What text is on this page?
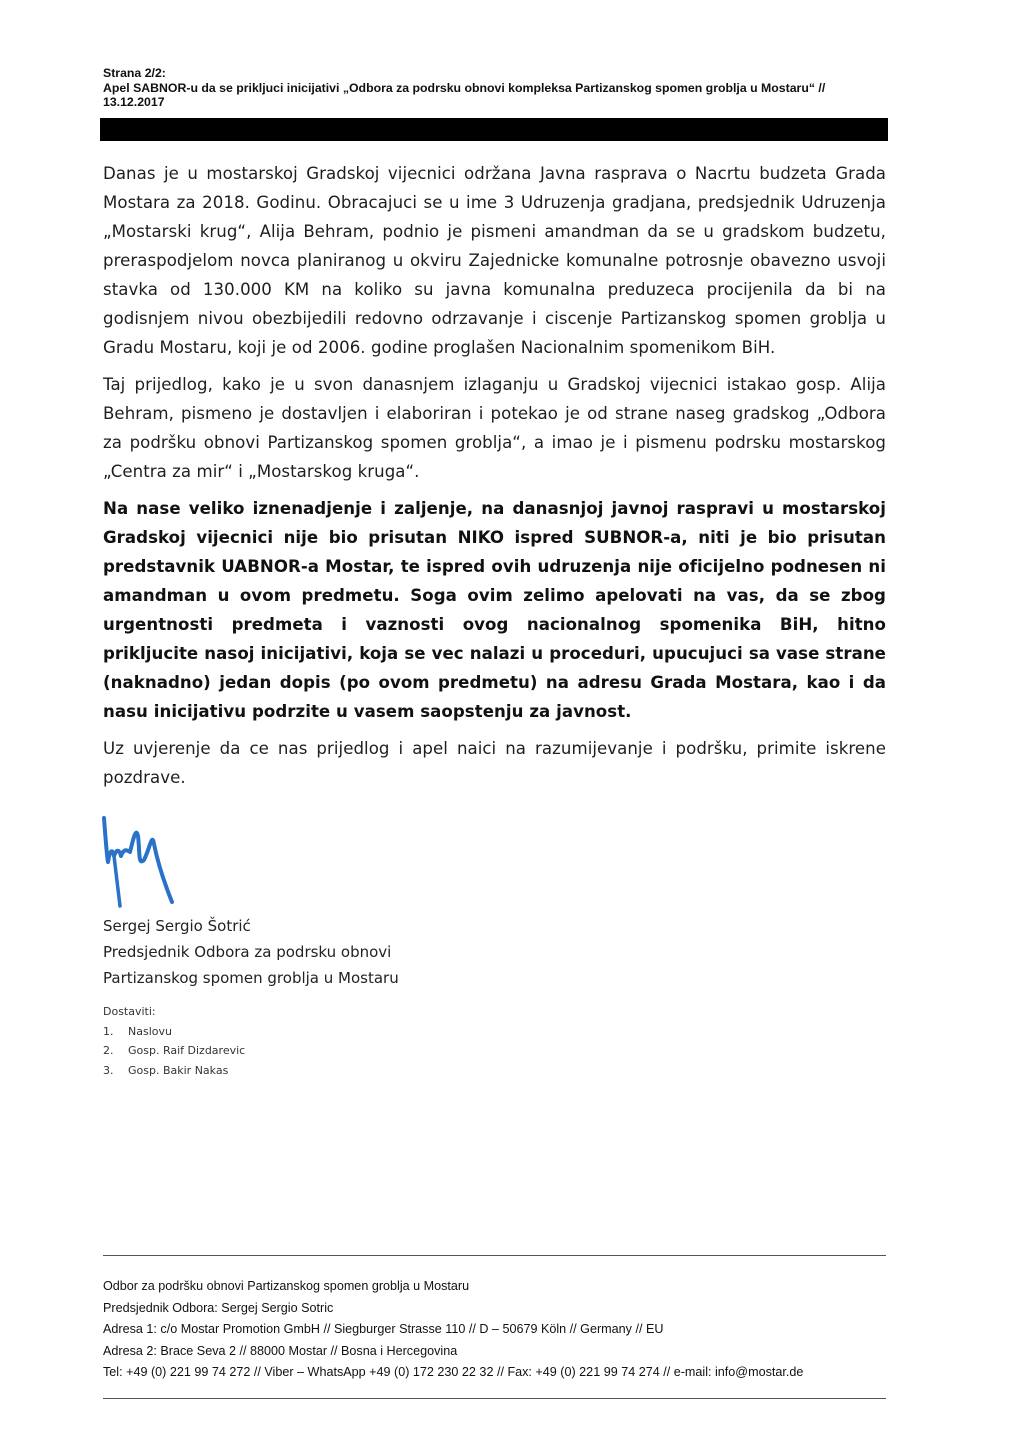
Strana 2/2:
Apel SABNOR-u da se prikljuci inicijativi „Odbora za podrsku obnovi kompleksa Partizanskog spomen groblja u Mostaru“ // 13.12.2017

Danas je u mostarskoj Gradskoj vijecnici održana Javna rasprava o Nacrtu budzeta Grada Mostara za 2018. Godinu. Obracajuci se u ime 3 Udruzenja gradjana, predsjednik Udruzenja „Mostarski krug“, Alija Behram, podnio je pismeni amandman da se u gradskom budzetu, preraspodjelom novca planiranog u okviru Zajednicke komunalne potrosnje obavezno usvoji stavka od 130.000 KM na koliko su javna komunalna preduzeca procijenila da bi na godisnjem nivou obezbijedili redovno odrzavanje i ciscenje Partizanskog spomen groblja u Gradu Mostaru, koji je od 2006. godine proglašen Nacionalnim spomenikom BiH.

Taj prijedlog, kako je u svon danasnjem izlaganju u Gradskoj vijecnici istakao gosp. Alija Behram, pismeno je dostavljen i elaboriran i potekao je od strane naseg gradskog „Odbora za podršku obnovi Partizanskog spomen groblja“, a imao je i pismenu podrsku mostarskog „Centra za mir“ i „Mostarskog kruga“.

Na nase veliko iznenadjenje i zaljenje, na danasnjoj javnoj raspravi u mostarskoj Gradskoj vijecnici nije bio prisutan NIKO ispred SUBNOR-a, niti je bio prisutan predstavnik UABNOR-a Mostar, te ispred ovih udruzenja nije oficijelno podnesen ni amandman u ovom predmetu. Soga ovim zelimo apelovati na vas, da se zbog urgentnosti predmeta i vaznosti ovog nacionalnog spomenika BiH, hitno prikljucite nasoj inicijativi, koja se vec nalazi u proceduri, upucujuci sa vase strane (naknadno) jedan dopis (po ovom predmetu) na adresu Grada Mostara, kao i da nasu inicijativu podrzite u vasem saopstenju za javnost.

Uz uvjerenje da ce nas prijedlog i apel naici na razumijevanje i podršku, primite iskrene pozdrave.

Sergej Sergio Šotrić
Predsjednik Odbora za podrsku obnovi
Partizanskog spomen groblja u Mostaru
Dostaviti:
1. Naslovu
2. Gosp. Raif Dizdarevic
3. Gosp. Bakir Nakas
Odbor za podršku obnovi Partizanskog spomen groblja u Mostaru
Predsjednik Odbora: Sergej Sergio Sotric
Adresa 1: c/o Mostar Promotion GmbH // Siegburger Strasse 110 // D – 50679 Köln // Germany // EU
Adresa 2: Brace Seva 2 // 88000 Mostar // Bosna i Hercegovina
Tel: +49 (0) 221 99 74 272 // Viber – WhatsApp +49 (0) 172 230 22 32 // Fax: +49 (0) 221 99 74 274 // e-mail: info@mostar.de
